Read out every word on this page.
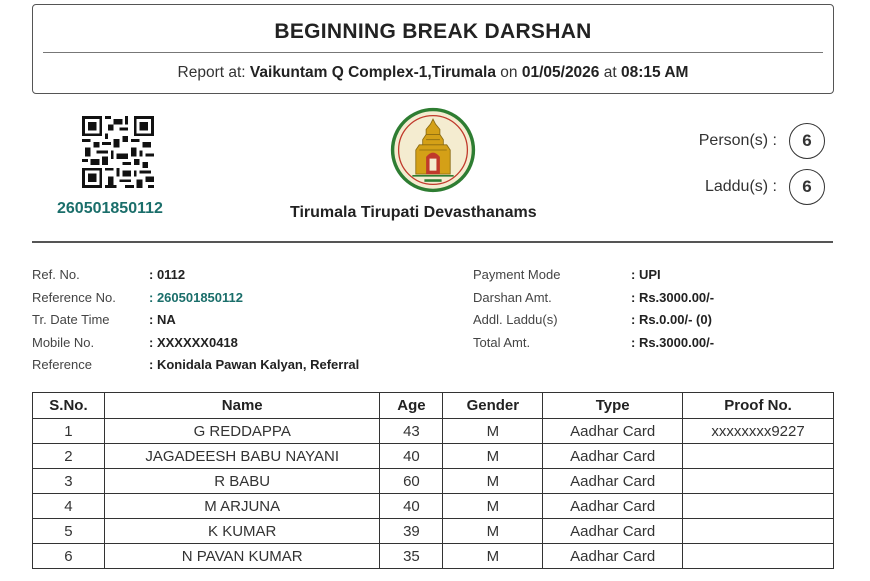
BEGINNING BREAK DARSHAN
Report at: Vaikuntam Q Complex-1,Tirumala on 01/05/2026 at 08:15 AM
260501850112	Tirumala Tirupati Devasthanams
Person(s) :	6
Laddu(s) :	6
Ref. No.	: 0112
Reference No.	: 260501850112
Tr. Date Time	: NA
Mobile No.	: XXXXXX0418
Reference	: Konidala Pawan Kalyan, Referral
Payment Mode	: UPI
Darshan Amt.	: Rs.3000.00/-
Addl. Laddu(s)	: Rs.0.00/- (0)
Total Amt.	: Rs.3000.00/-
S.No.	Name	Age	Gender	Type	Proof No.
1	G REDDAPPA	43	M	Aadhar Card	xxxxxxxx9227
2	JAGADEESH BABU NAYANI	40	M	Aadhar Card	
3	R BABU	60	M	Aadhar Card	
4	M ARJUNA	40	M	Aadhar Card	
5	K KUMAR	39	M	Aadhar Card	
6	N PAVAN KUMAR	35	M	Aadhar Card	
